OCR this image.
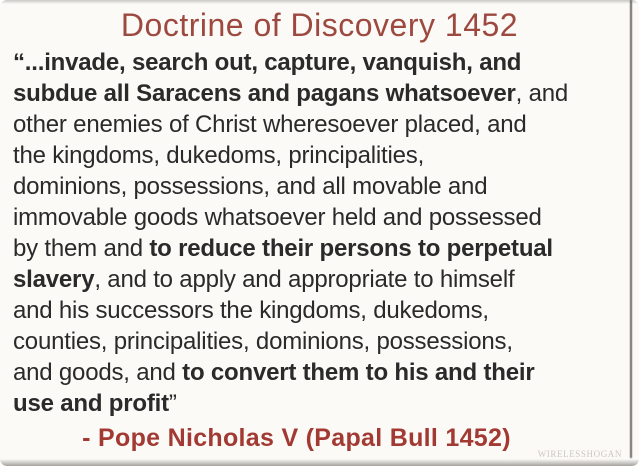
Doctrine of Discovery 1452
“...invade, search out, capture, vanquish, and
subdue all Saracens and pagans whatsoever, and
other enemies of Christ wheresoever placed, and
the kingdoms, dukedoms, principalities,
dominions, possessions, and all movable and
immovable goods whatsoever held and possessed
by them and to reduce their persons to perpetual
slavery, and to apply and appropriate to himself
and his successors the kingdoms, dukedoms,
counties, principalities, dominions, possessions,
and goods, and to convert them to his and their
use and profit”
- Pope Nicholas V (Papal Bull 1452)
WIRELESSHOGAN
